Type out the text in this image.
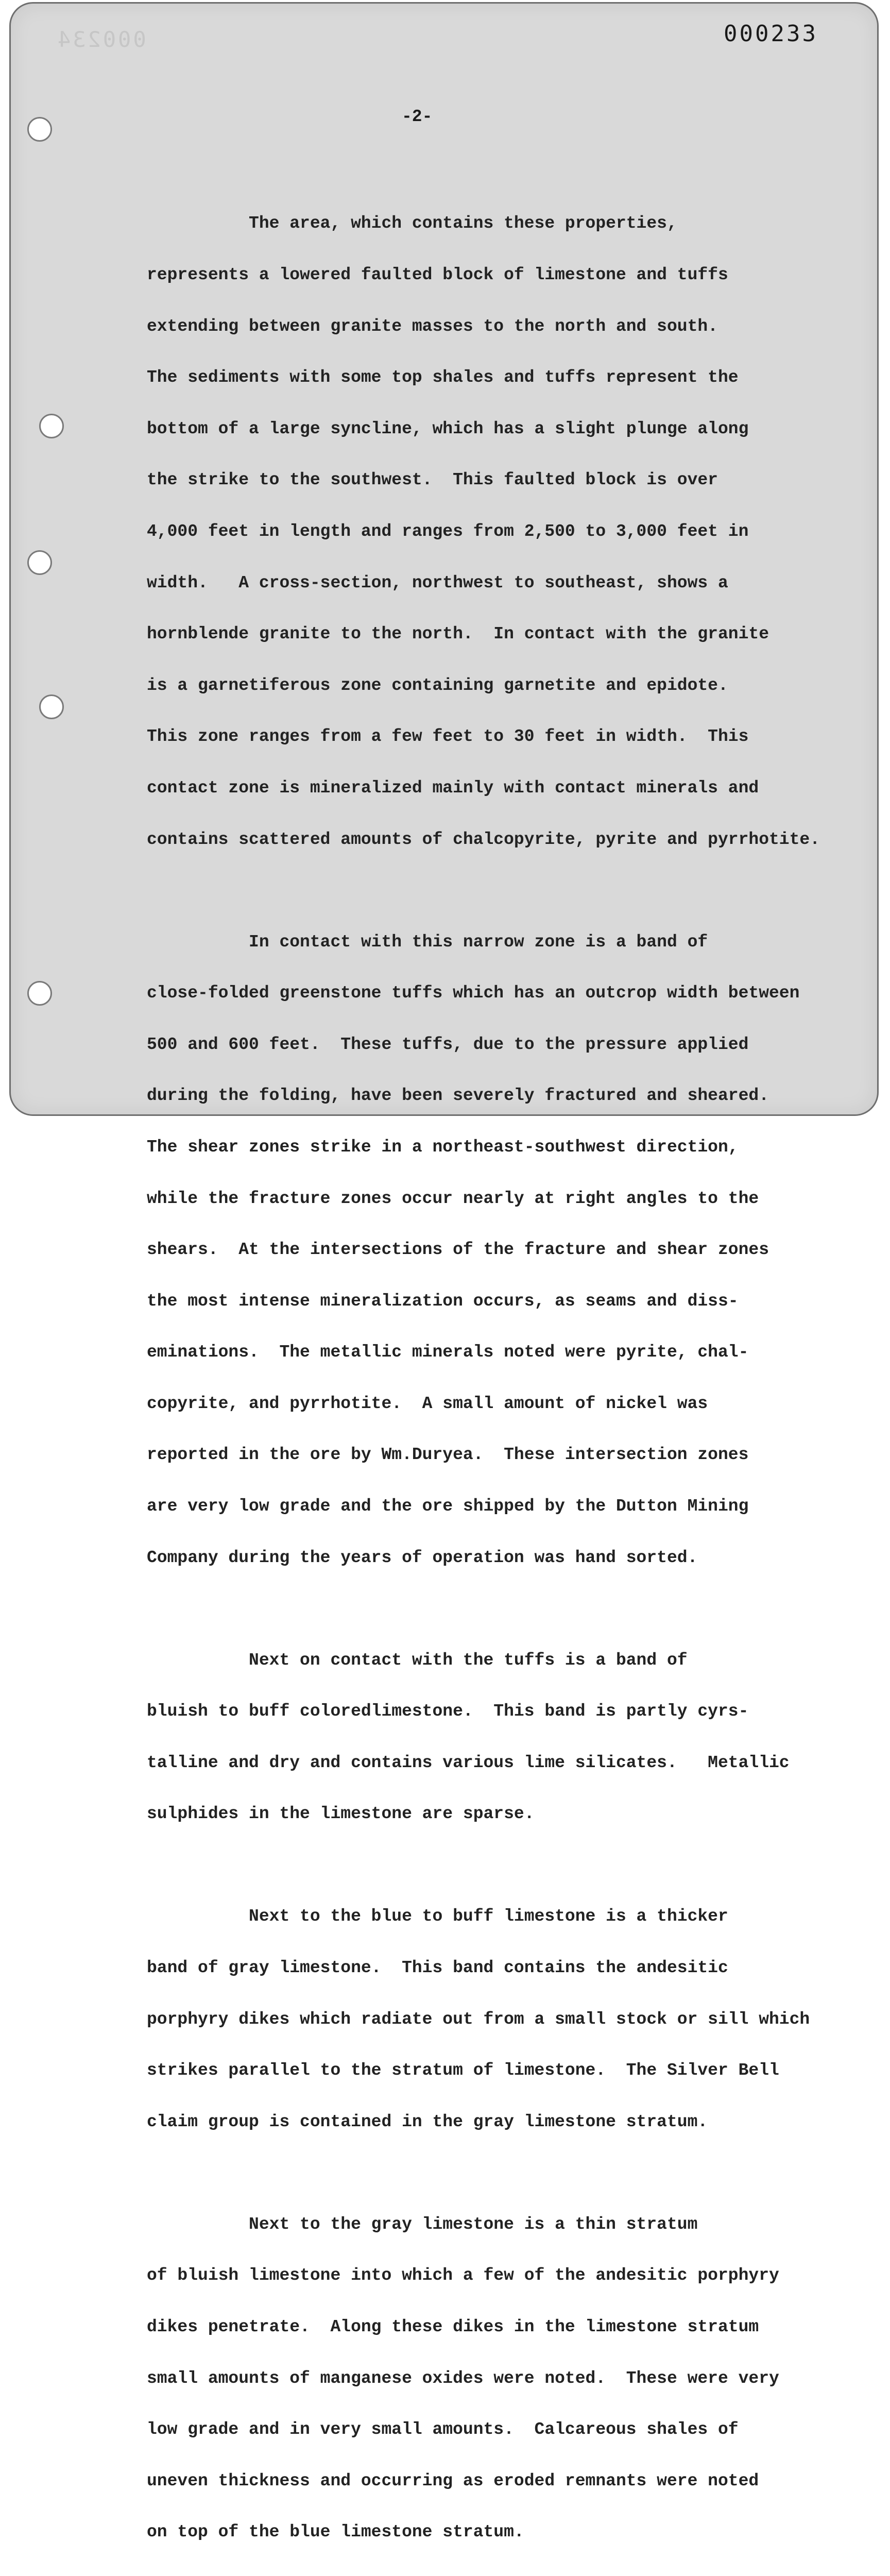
000234	000233
-2-

The area, which contains these properties,

represents a lowered faulted block of limestone and tuffs

extending between granite masses to the north and south.

The sediments with some top shales and tuffs represent the

bottom of a large syncline, which has a slight plunge along

the strike to the southwest.  This faulted block is over

4,000 feet in length and ranges from 2,500 to 3,000 feet in

width.   A cross-section, northwest to southeast, shows a

hornblende granite to the north.  In contact with the granite

is a garnetiferous zone containing garnetite and epidote.

This zone ranges from a few feet to 30 feet in width.  This

contact zone is mineralized mainly with contact minerals and

contains scattered amounts of chalcopyrite, pyrite and pyrrhotite.

In contact with this narrow zone is a band of

close-folded greenstone tuffs which has an outcrop width between

500 and 600 feet.  These tuffs, due to the pressure applied

during the folding, have been severely fractured and sheared.

The shear zones strike in a northeast-southwest direction,

while the fracture zones occur nearly at right angles to the

shears.  At the intersections of the fracture and shear zones

the most intense mineralization occurs, as seams and diss-

eminations.  The metallic minerals noted were pyrite, chal-

copyrite, and pyrrhotite.  A small amount of nickel was

reported in the ore by Wm.Duryea.  These intersection zones

are very low grade and the ore shipped by the Dutton Mining

Company during the years of operation was hand sorted.

Next on contact with the tuffs is a band of

bluish to buff coloredlimestone.  This band is partly cyrs-

talline and dry and contains various lime silicates.   Metallic

sulphides in the limestone are sparse.

Next to the blue to buff limestone is a thicker

band of gray limestone.  This band contains the andesitic

porphyry dikes which radiate out from a small stock or sill which

strikes parallel to the stratum of limestone.  The Silver Bell

claim group is contained in the gray limestone stratum.

Next to the gray limestone is a thin stratum

of bluish limestone into which a few of the andesitic porphyry

dikes penetrate.  Along these dikes in the limestone stratum

small amounts of manganese oxides were noted.  These were very

low grade and in very small amounts.  Calcareous shales of

uneven thickness and occurring as eroded remnants were noted

on top of the blue limestone stratum.
